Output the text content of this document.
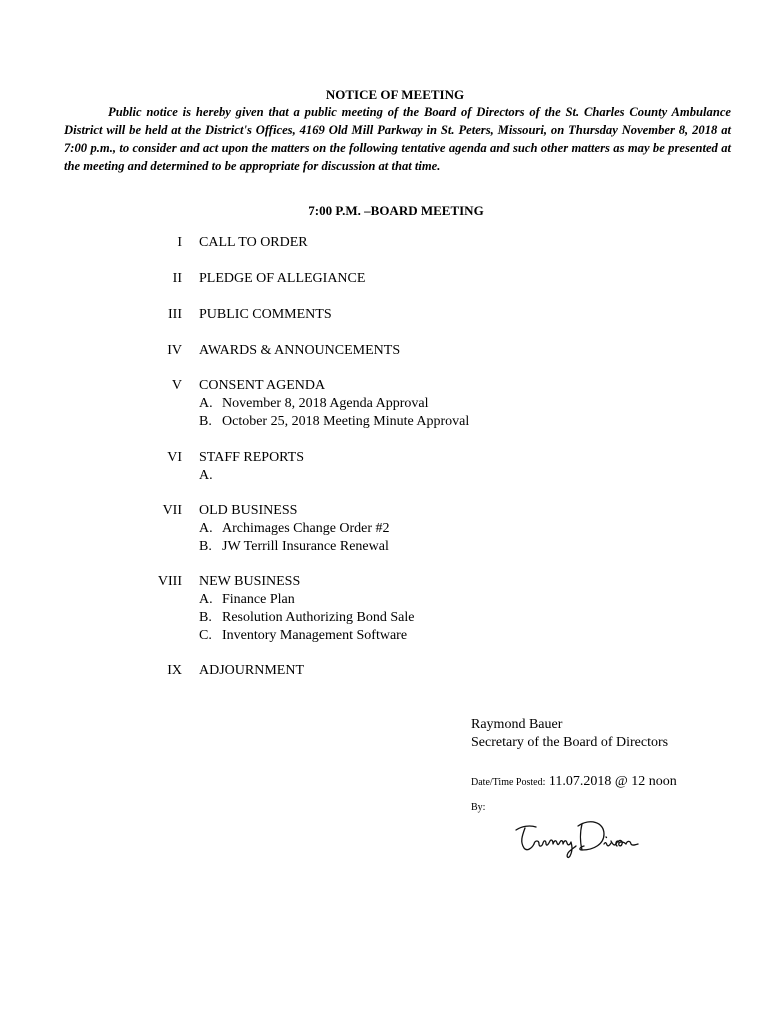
NOTICE OF MEETING
Public notice is hereby given that a public meeting of the Board of Directors of the St. Charles County Ambulance District will be held at the District's Offices, 4169 Old Mill Parkway in St. Peters, Missouri, on Thursday November 8, 2018 at 7:00 p.m., to consider and act upon the matters on the following tentative agenda and such other matters as may be presented at the meeting and determined to be appropriate for discussion at that time.
7:00 P.M. –BOARD MEETING
I CALL TO ORDER
II PLEDGE OF ALLEGIANCE
III PUBLIC COMMENTS
IV AWARDS & ANNOUNCEMENTS
V CONSENT AGENDA
A. November 8, 2018 Agenda Approval
B. October 25, 2018 Meeting Minute Approval
VI STAFF REPORTS
A.
VII OLD BUSINESS
A. Archimages Change Order #2
B. JW Terrill Insurance Renewal
VIII NEW BUSINESS
A. Finance Plan
B. Resolution Authorizing Bond Sale
C. Inventory Management Software
IX ADJOURNMENT
Raymond Bauer
Secretary of the Board of Directors
Date/Time Posted: 11.07.2018 @ 12 noon
By:
